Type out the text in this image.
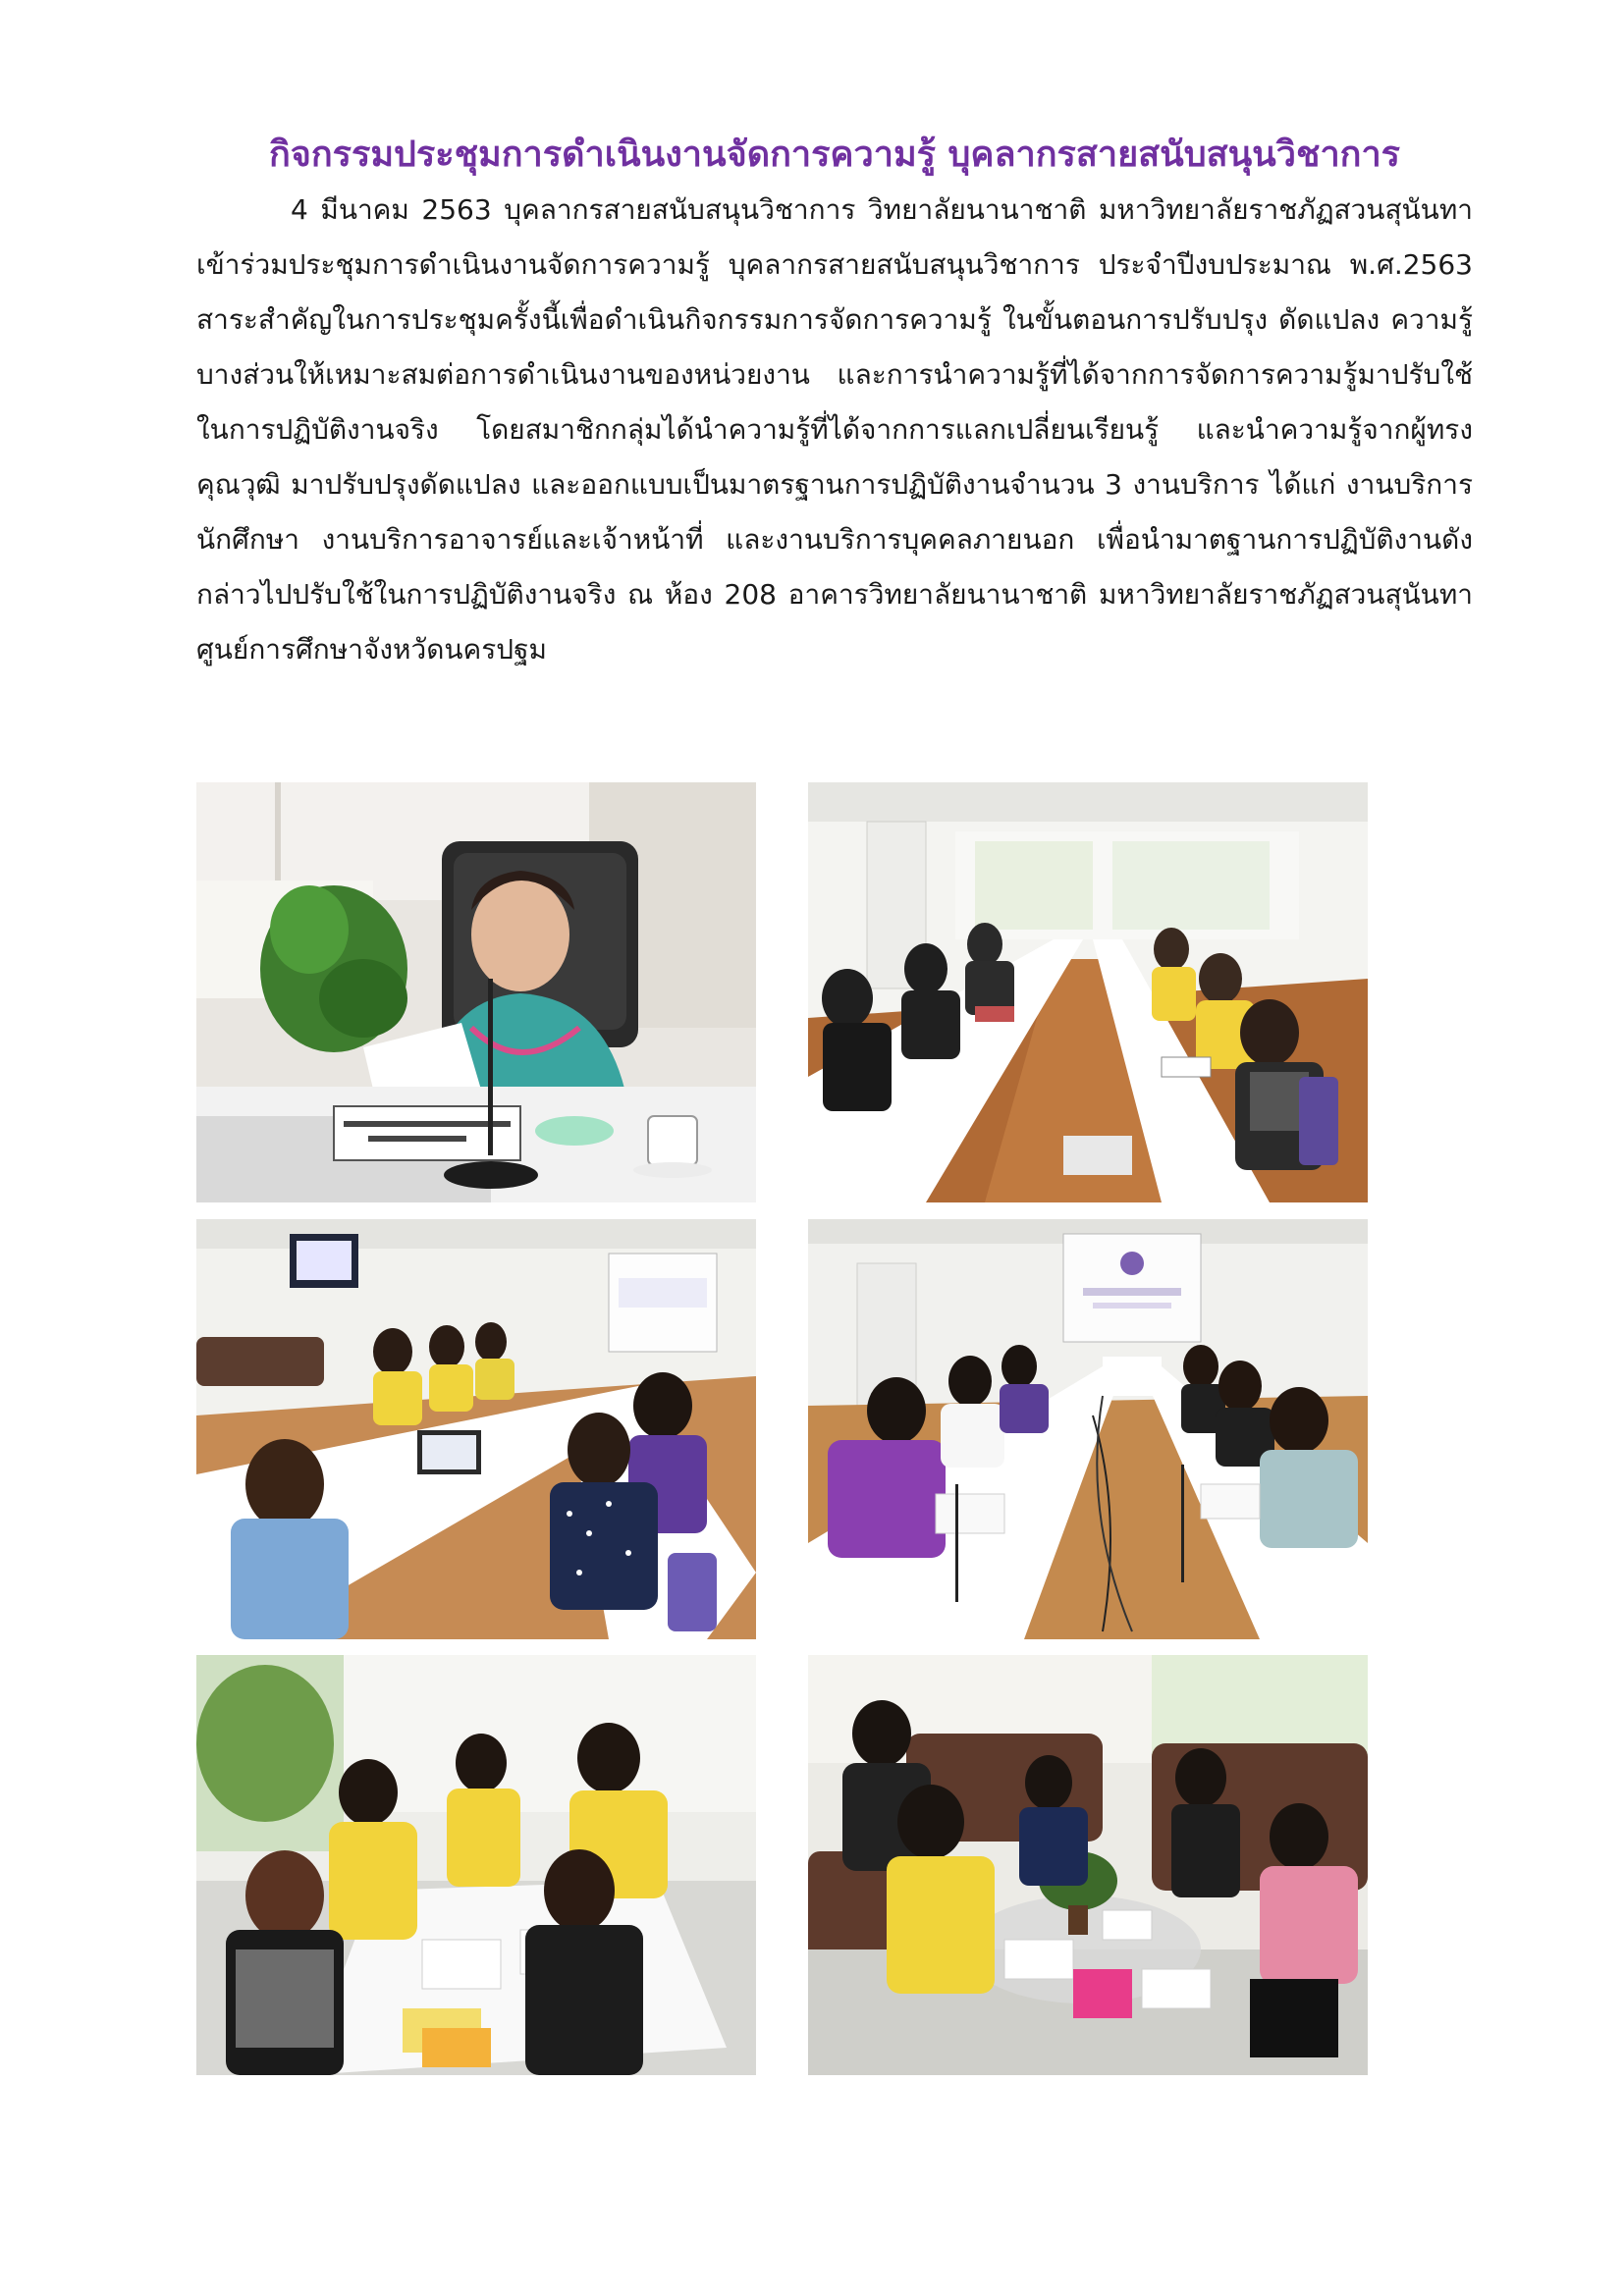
กิจกรรมประชุมการดำเนินงานจัดการความรู้ บุคลากรสายสนับสนุนวิชาการ

4 มีนาคม 2563 บุคลากรสายสนับสนุนวิชาการ วิทยาลัยนานาชาติ มหาวิทยาลัยราชภัฏสวนสุนันทา เข้าร่วมประชุมการดำเนินงานจัดการความรู้ บุคลากรสายสนับสนุนวิชาการ ประจำปีงบประมาณ พ.ศ.2563 สาระสำคัญในการประชุมครั้งนี้เพื่อดำเนินกิจกรรมการจัดการความรู้ ในขั้นตอนการปรับปรุง ดัดแปลง ความรู้บางส่วนให้เหมาะสมต่อการดำเนินงานของหน่วยงาน และการนำความรู้ที่ได้จากการจัดการความรู้มาปรับใช้ในการปฏิบัติงานจริง โดยสมาชิกกลุ่มได้นำความรู้ที่ได้จากการแลกเปลี่ยนเรียนรู้ และนำความรู้จากผู้ทรงคุณวุฒิ มาปรับปรุงดัดแปลง และออกแบบเป็นมาตรฐานการปฏิบัติงานจำนวน 3 งานบริการ ได้แก่ งานบริการนักศึกษา งานบริการอาจารย์และเจ้าหน้าที่ และงานบริการบุคคลภายนอก เพื่อนำมาตฐานการปฏิบัติงานดังกล่าวไปปรับใช้ในการปฏิบัติงานจริง ณ ห้อง 208 อาคารวิทยาลัยนานาชาติ มหาวิทยาลัยราชภัฏสวนสุนันทา ศูนย์การศึกษาจังหวัดนครปฐม
